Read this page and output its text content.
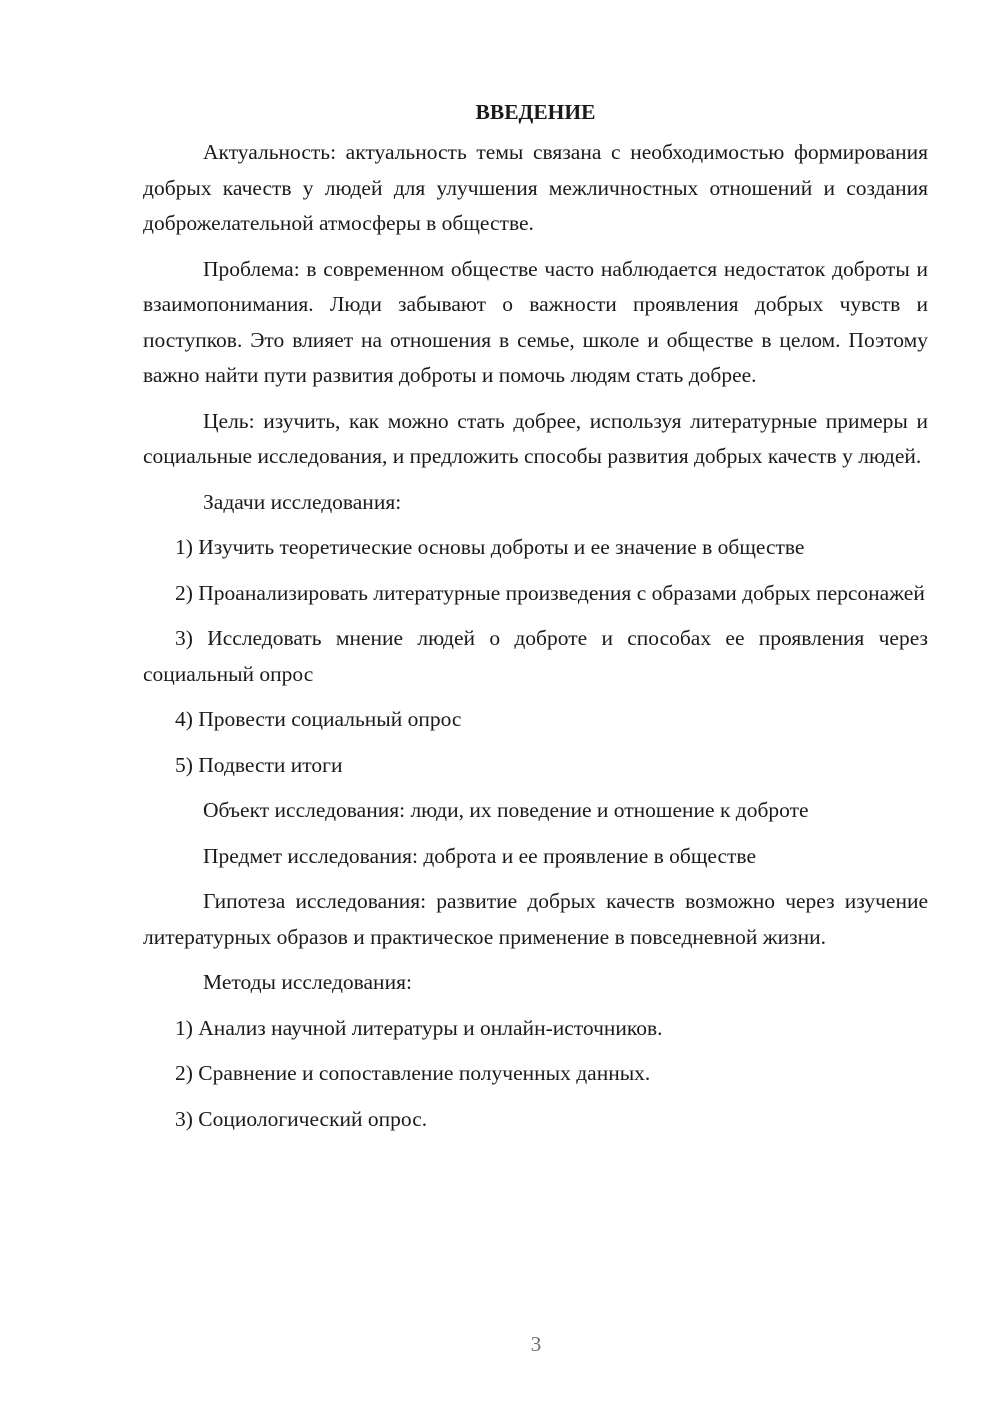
ВВЕДЕНИЕ

Актуальность: актуальность темы связана с необходимостью формирования добрых качеств у людей для улучшения межличностных отношений и создания доброжелательной атмосферы в обществе.

Проблема: в современном обществе часто наблюдается недостаток доброты и взаимопонимания. Люди забывают о важности проявления добрых чувств и поступков. Это влияет на отношения в семье, школе и обществе в целом. Поэтому важно найти пути развития доброты и помочь людям стать добрее.

Цель: изучить, как можно стать добрее, используя литературные примеры и социальные исследования, и предложить способы развития добрых качеств у людей.

Задачи исследования:

1) Изучить теоретические основы доброты и ее значение в обществе

2) Проанализировать литературные произведения с образами добрых персонажей

3) Исследовать мнение людей о доброте и способах ее проявления через социальный опрос

4) Провести социальный опрос

5) Подвести итоги

Объект исследования: люди, их поведение и отношение к доброте

Предмет исследования: доброта и ее проявление в обществе

Гипотеза исследования: развитие добрых качеств возможно через изучение литературных образов и практическое применение в повседневной жизни.

Методы исследования:

1) Анализ научной литературы и онлайн-источников.

2) Сравнение и сопоставление полученных данных.

3) Социологический опрос.

3
